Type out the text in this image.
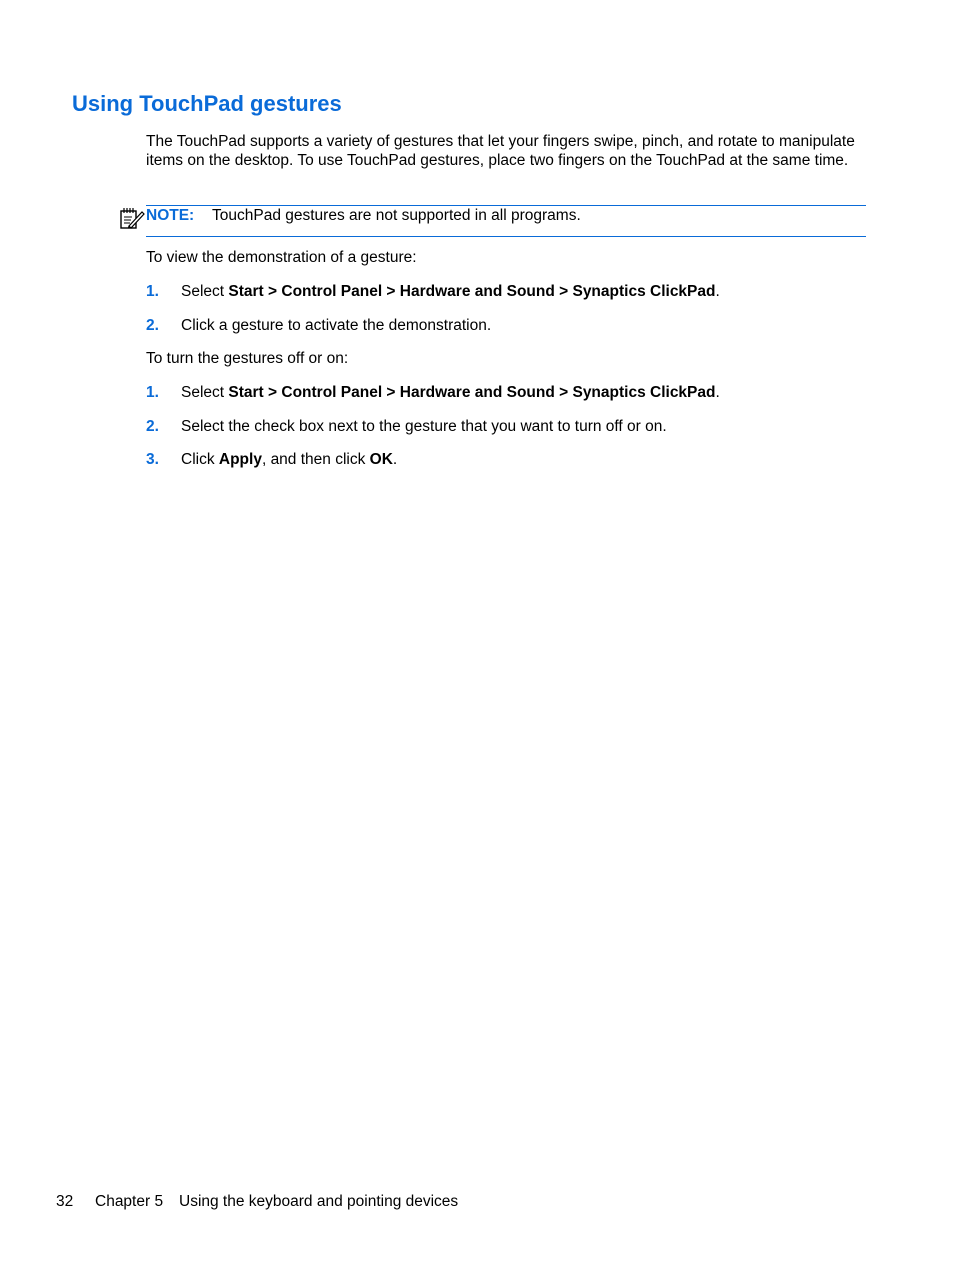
Using TouchPad gestures

The TouchPad supports a variety of gestures that let your fingers swipe, pinch, and rotate to manipulate items on the desktop. To use TouchPad gestures, place two fingers on the TouchPad at the same time.

NOTE: TouchPad gestures are not supported in all programs.

To view the demonstration of a gesture:

1. Select Start > Control Panel > Hardware and Sound > Synaptics ClickPad.
2. Click a gesture to activate the demonstration.

To turn the gestures off or on:

1. Select Start > Control Panel > Hardware and Sound > Synaptics ClickPad.
2. Select the check box next to the gesture that you want to turn off or on.
3. Click Apply, and then click OK.
32 Chapter 5 Using the keyboard and pointing devices
